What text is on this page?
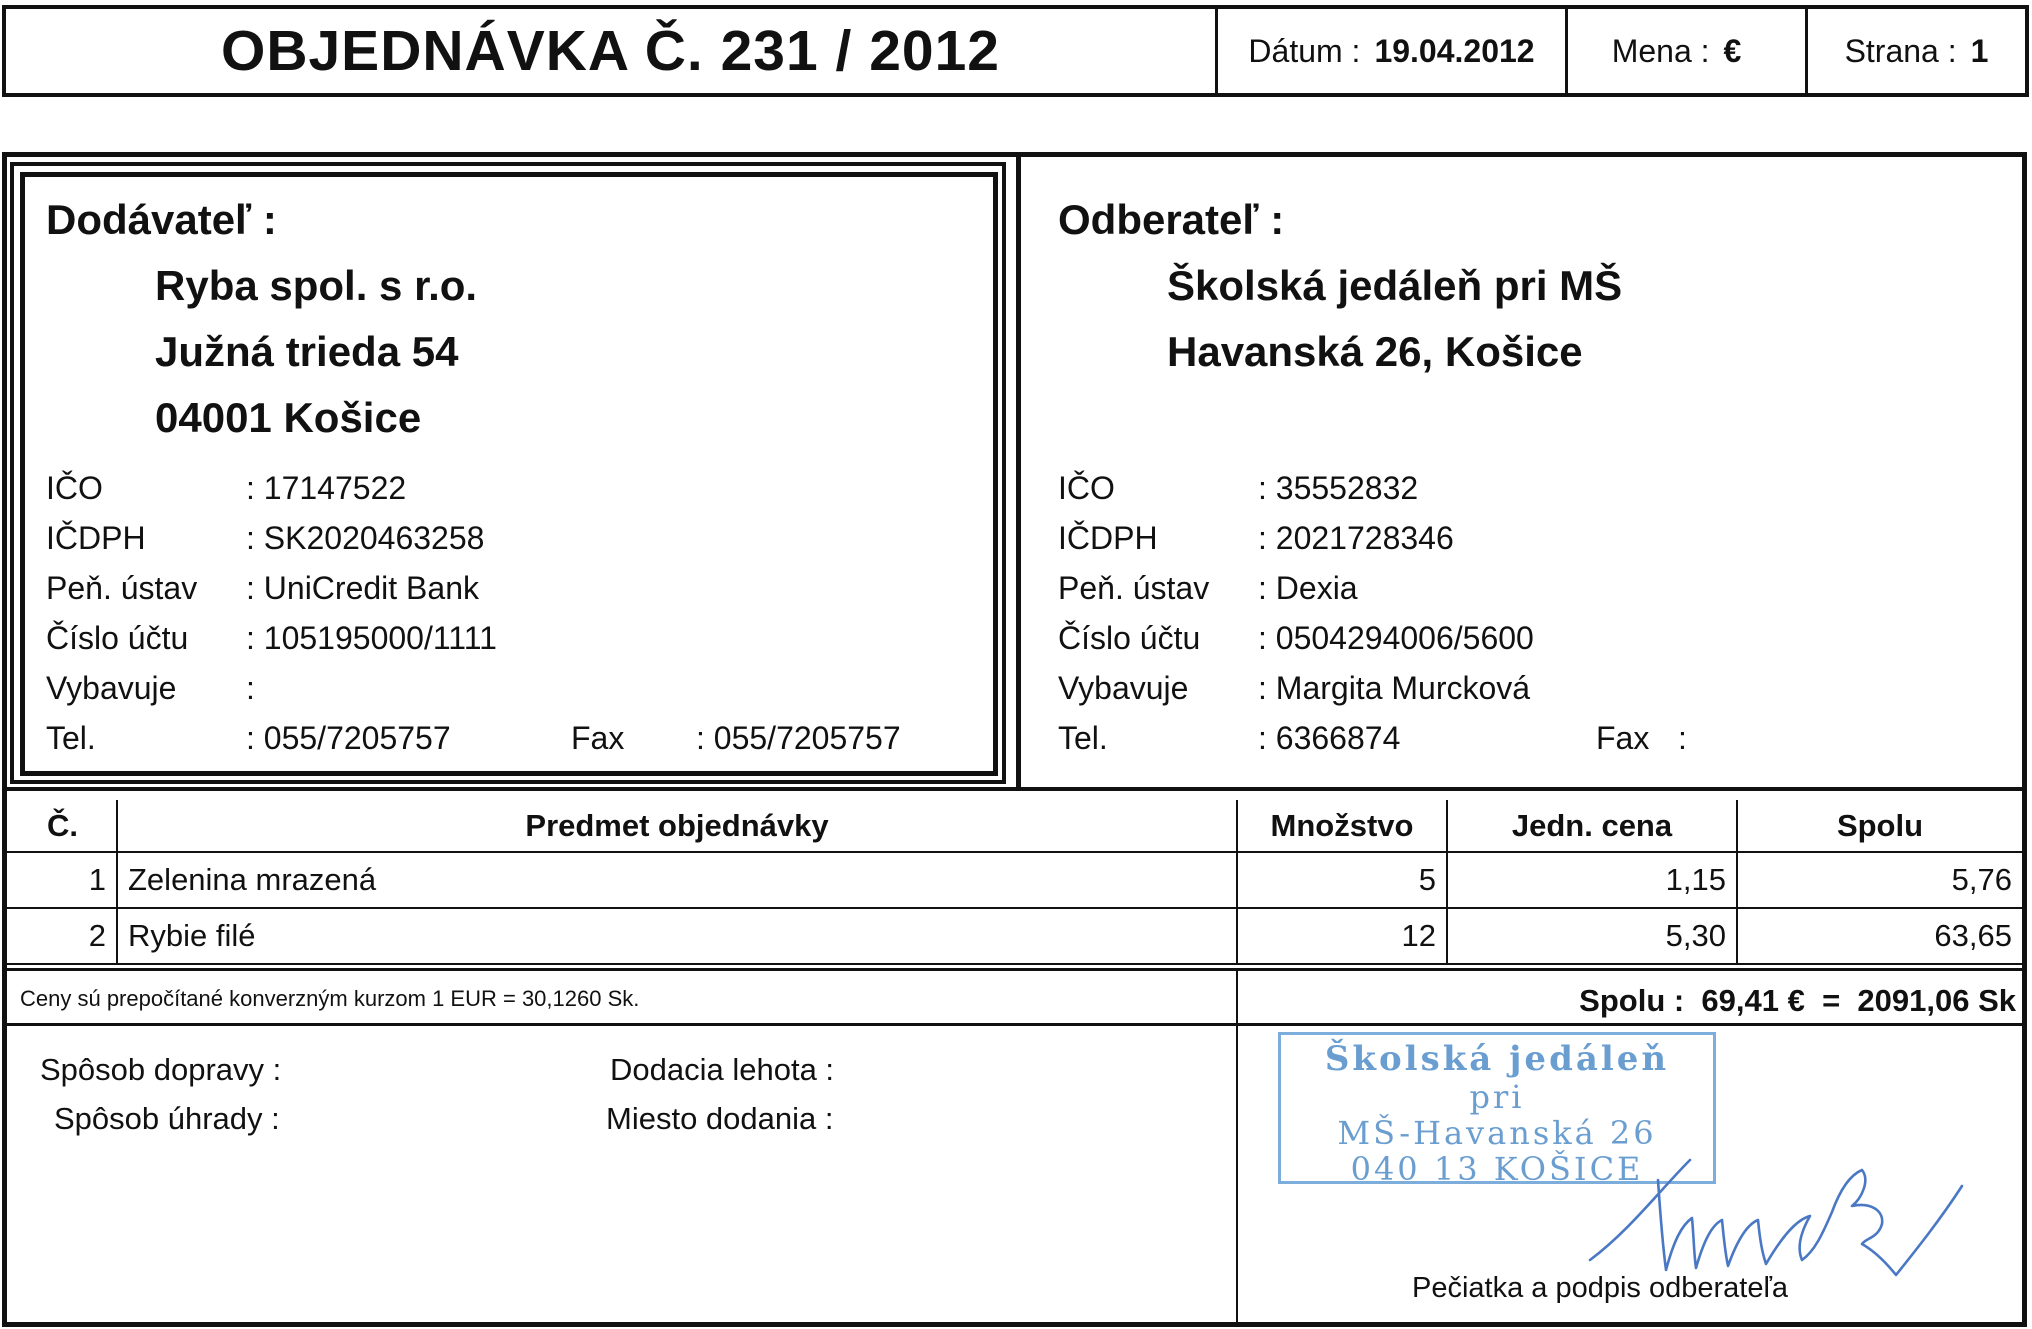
OBJEDNÁVKA Č. 231 / 2012	Dátum : 19.04.2012 Mena : €	Strana : 1
Dodávateľ :
Ryba spol. s r.o.
Južná trieda 54
04001 Košice
IČO	: 17147522
IČDPH	: SK2020463258
Peň. ústav : UniCredit Bank
Číslo účtu : 105195000/1111
Vybavuje :
Tel.	: 055/7205757	Fax : 055/7205757
Odberateľ :
Školská jedáleň pri MŠ
Havanská 26, Košice
IČO	: 35552832
IČDPH	: 2021728346
Peň. ústav : Dexia
Číslo účtu : 0504294006/5600
Vybavuje : Margita Murcková
Tel.	: 6366874	Fax :
Č.	Predmet objednávky	Množstvo	Jedn. cena	Spolu
1	Zelenina mrazená	5	1,15	5,76
2	Rybie filé	12	5,30	63,65
Ceny sú prepočítané konverzným kurzom 1 EUR = 30,1260 Sk.	Spolu :  69,41 €  =  2091,06 Sk
Spôsob dopravy :
Spôsob úhrady :
Dodacia lehota :
Miesto dodania :
Školská jedáleň
pri
MŠ-Havanská 26
040 13 KOŠICE
Pečiatka a podpis odberateľa
